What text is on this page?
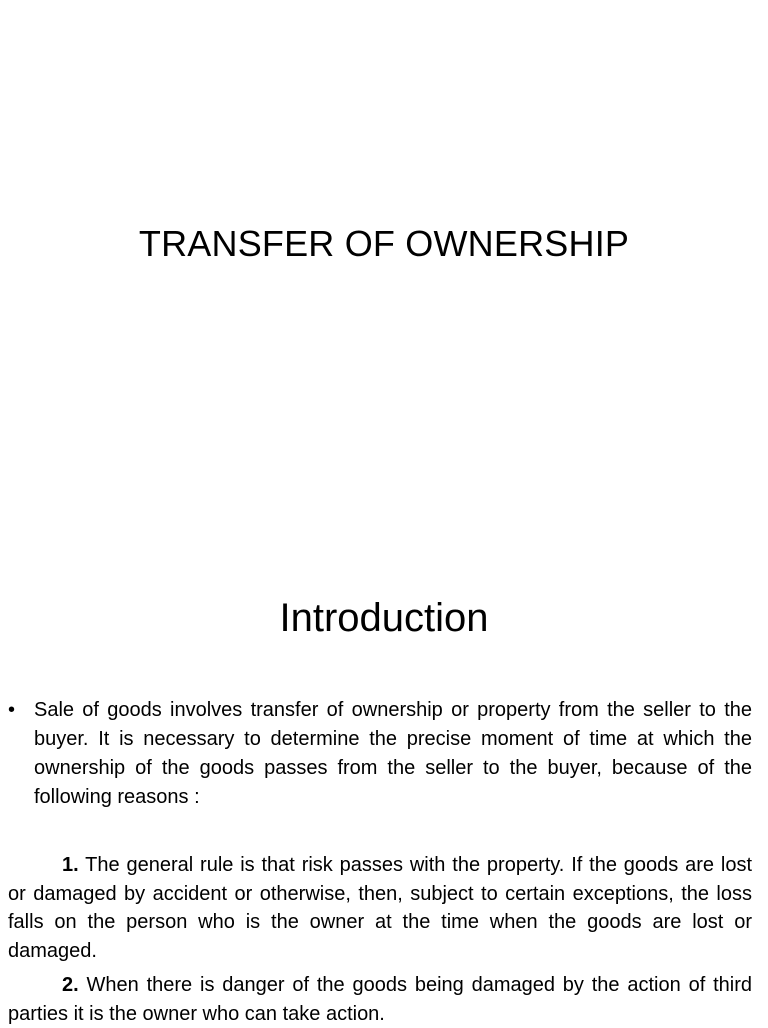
TRANSFER OF OWNERSHIP
Introduction
• Sale of goods involves transfer of ownership or property from the seller to the buyer. It is necessary to determine the precise moment of time at which the ownership of the goods passes from the seller to the buyer, because of the following reasons :

1. The general rule is that risk passes with the property. If the goods are lost or damaged by accident or otherwise, then, subject to certain exceptions, the loss falls on the person who is the owner at the time when the goods are lost or damaged.

2. When there is danger of the goods being damaged by the action of third parties it is the owner who can take action.
